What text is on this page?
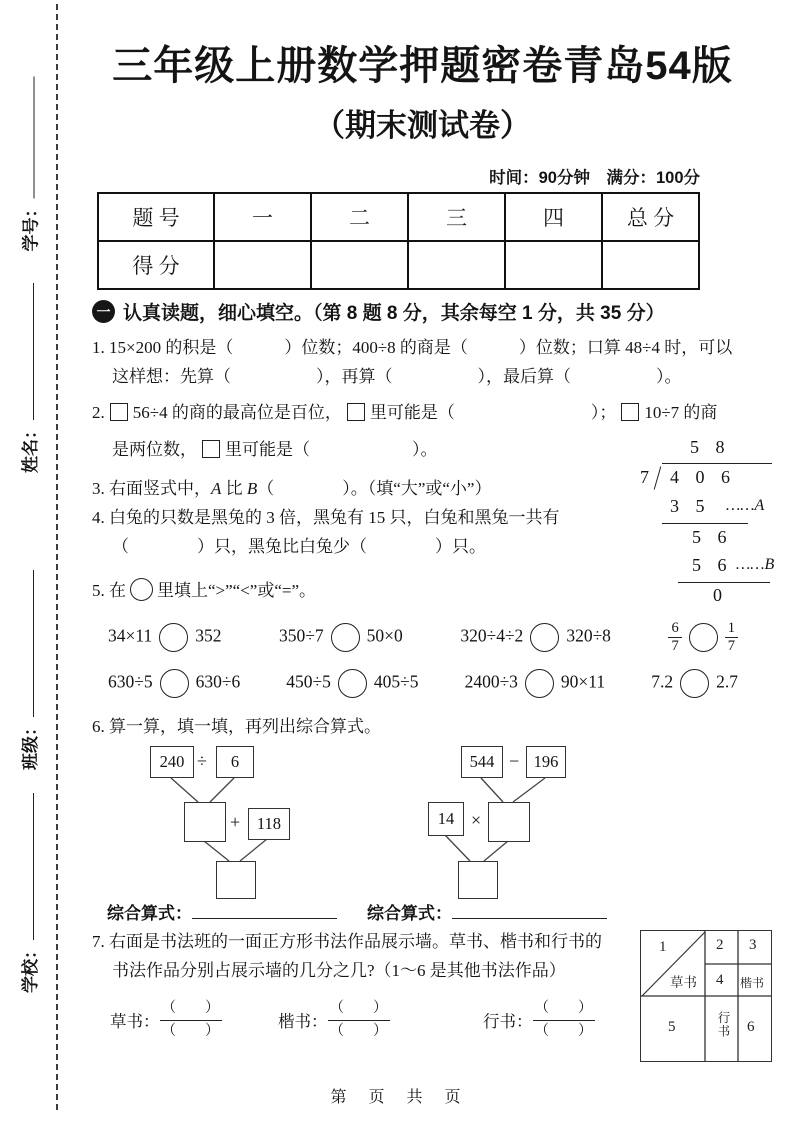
学号：
姓名：
班级：
学校：
三年级上册数学押题密卷青岛54版
（期末测试卷）
时间：90分钟　满分：100分
题 号	一	二	三	四	总 分
得 分					
一 认真读题，细心填空。（第 8 题 8 分，其余每空 1 分，共 35 分）
1. 15×200 的积是（　　　）位数；400÷8 的商是（　　　）位数；口算 48÷4 时，可以
这样想：先算（　　　　　），再算（　　　　　），最后算（　　　　　）。
2. 56÷4 的商的最高位是百位， 里可能是（　　　　　　　　）； 10÷7 的商
是两位数， 里可能是（　　　　　　）。	5 8
7 4 0 6
3 5 ……A
5 6
5 6 ……B
0
3. 右面竖式中，A 比 B（　　　　）。（填“大”或“小”）
4. 白兔的只数是黑兔的 3 倍，黑兔有 15 只，白兔和黑兔一共有
（　　　　）只，黑兔比白兔少（　　　　）只。
5. 在 里填上“>”“<”或“=”。
34×11 352	350÷7 50×0	320÷4÷2 320÷8	$\frac{6}{7}$	$\frac{1}{7}$
630÷5 630÷6	450÷5 405÷5	2400÷3 90×11	7.2 2.7
6. 算一算，填一填，再列出综合算式。
240 ÷	6
+	118
544 − 196
14 ×
综合算式：	综合算式：
7. 右面是书法班的一面正方形书法作品展示墙。草书、楷书和行书的
书法作品分别占展示墙的几分之几?（1～6 是其他书法作品）
草书： $\frac{( )}{( )}$	楷书： $\frac{( )}{( )}$	行书： $\frac{( )}{( )}$
1
草书
2 3
4 楷书
5	行书 6
第　页　共　页
